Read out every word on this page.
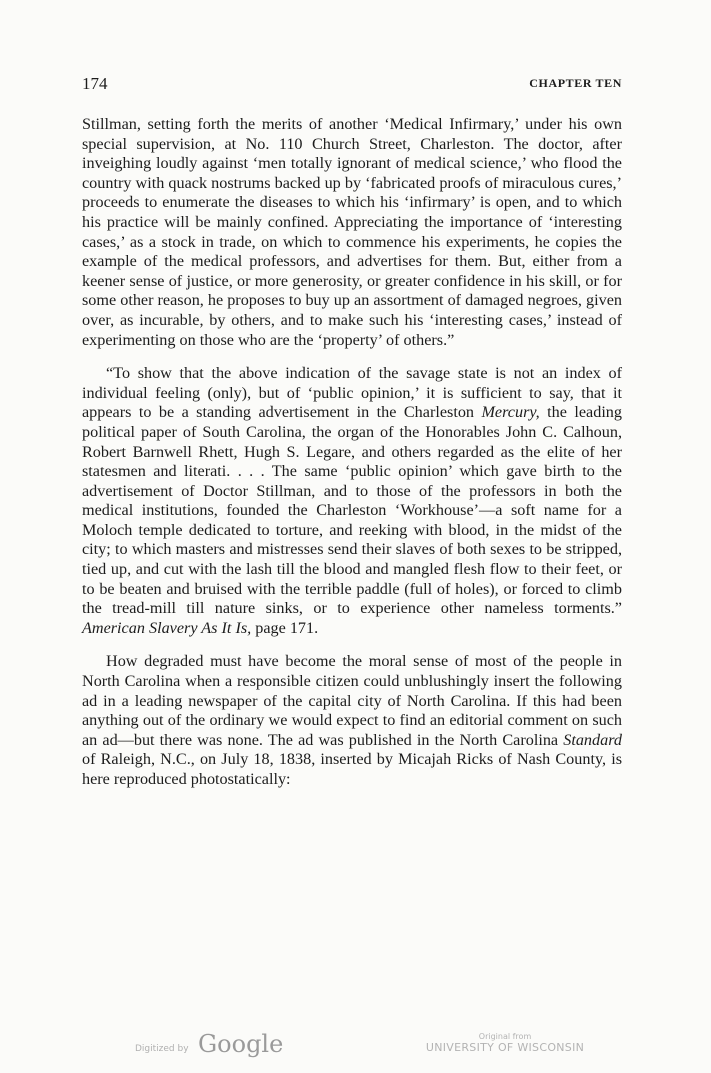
174	CHAPTER TEN

Stillman, setting forth the merits of another ‘Medical Infirmary,’ under his own special supervision, at No. 110 Church Street, Charleston. The doctor, after inveighing loudly against ‘men totally ignorant of medical science,’ who flood the country with quack nostrums backed up by ‘fabricated proofs of miraculous cures,’ proceeds to enumerate the diseases to which his ‘infirmary’ is open, and to which his practice will be mainly confined. Appreciating the importance of ‘interesting cases,’ as a stock in trade, on which to commence his experiments, he copies the example of the medical professors, and advertises for them. But, either from a keener sense of justice, or more generosity, or greater confidence in his skill, or for some other reason, he proposes to buy up an assortment of damaged negroes, given over, as incurable, by others, and to make such his ‘interesting cases,’ instead of experimenting on those who are the ‘property’ of others.”

“To show that the above indication of the savage state is not an index of individual feeling (only), but of ‘public opinion,’ it is sufficient to say, that it appears to be a standing advertisement in the Charleston Mercury, the leading political paper of South Carolina, the organ of the Honorables John C. Calhoun, Robert Barnwell Rhett, Hugh S. Legare, and others regarded as the elite of her statesmen and literati. . . . The same ‘public opinion’ which gave birth to the advertisement of Doctor Stillman, and to those of the professors in both the medical institutions, founded the Charleston ‘Workhouse’—a soft name for a Moloch temple dedicated to torture, and reeking with blood, in the midst of the city; to which masters and mistresses send their slaves of both sexes to be stripped, tied up, and cut with the lash till the blood and mangled flesh flow to their feet, or to be beaten and bruised with the terrible paddle (full of holes), or forced to climb the tread-mill till nature sinks, or to experience other nameless torments.” American Slavery As It Is, page 171.

How degraded must have become the moral sense of most of the people in North Carolina when a responsible citizen could unblushingly insert the following ad in a leading newspaper of the capital city of North Carolina. If this had been anything out of the ordinary we would expect to find an editorial comment on such an ad—but there was none. The ad was published in the North Carolina Standard of Raleigh, N.C., on July 18, 1838, inserted by Micajah Ricks of Nash County, is here reproduced photostatically:

Digitized by Google	Original from
UNIVERSITY OF WISCONSIN
